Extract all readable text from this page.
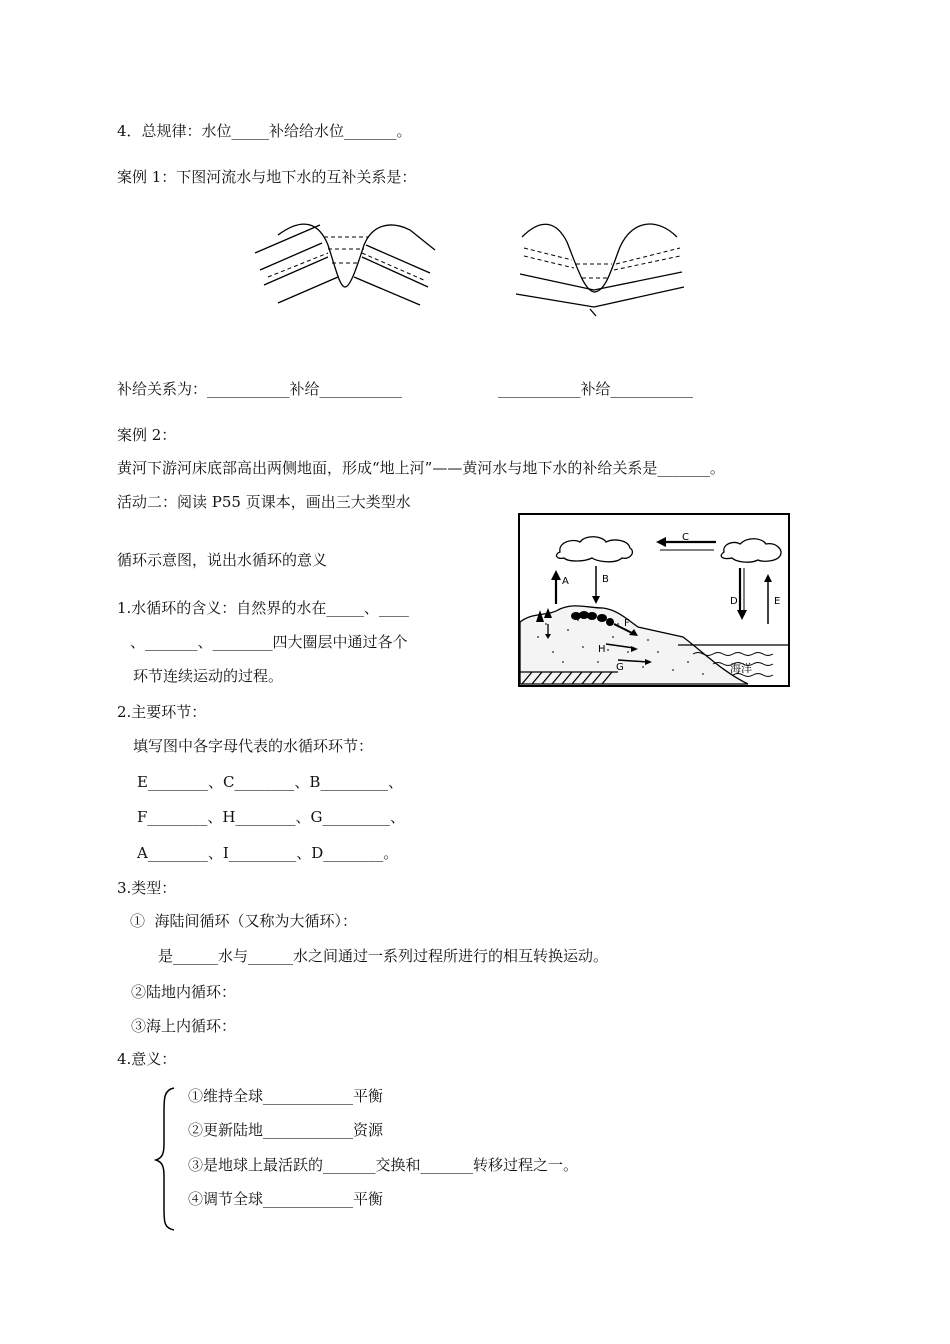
4．总规律：水位_____补给给水位_______。
案例 1：下图河流水与地下水的互补关系是：
补给关系为：___________补给___________	___________补给___________
案例 2：
黄河下游河床底部高出两侧地面，形成“地上河”——黄河水与地下水的补给关系是_______。
活动二：阅读 P55 页课本，画出三大类型水
循环示意图，说出水循环的意义
海洋
C
A	B
D	E
F
H
G
1.水循环的含义：自然界的水在_____、____
、_______、________四大圈层中通过各个
环节连续运动的过程。
2.主要环节：
填写图中各字母代表的水循环环节：
E________、C________、B_________、
F________、H________、G_________、
A________、I_________、D________。
3.类型：
①  海陆间循环（又称为大循环）：
是______水与______水之间通过一系列过程所进行的相互转换运动。
②陆地内循环：
③海上内循环：
4.意义：
①维持全球____________平衡
②更新陆地____________资源
③是地球上最活跃的_______交换和_______转移过程之一。
④调节全球____________平衡
